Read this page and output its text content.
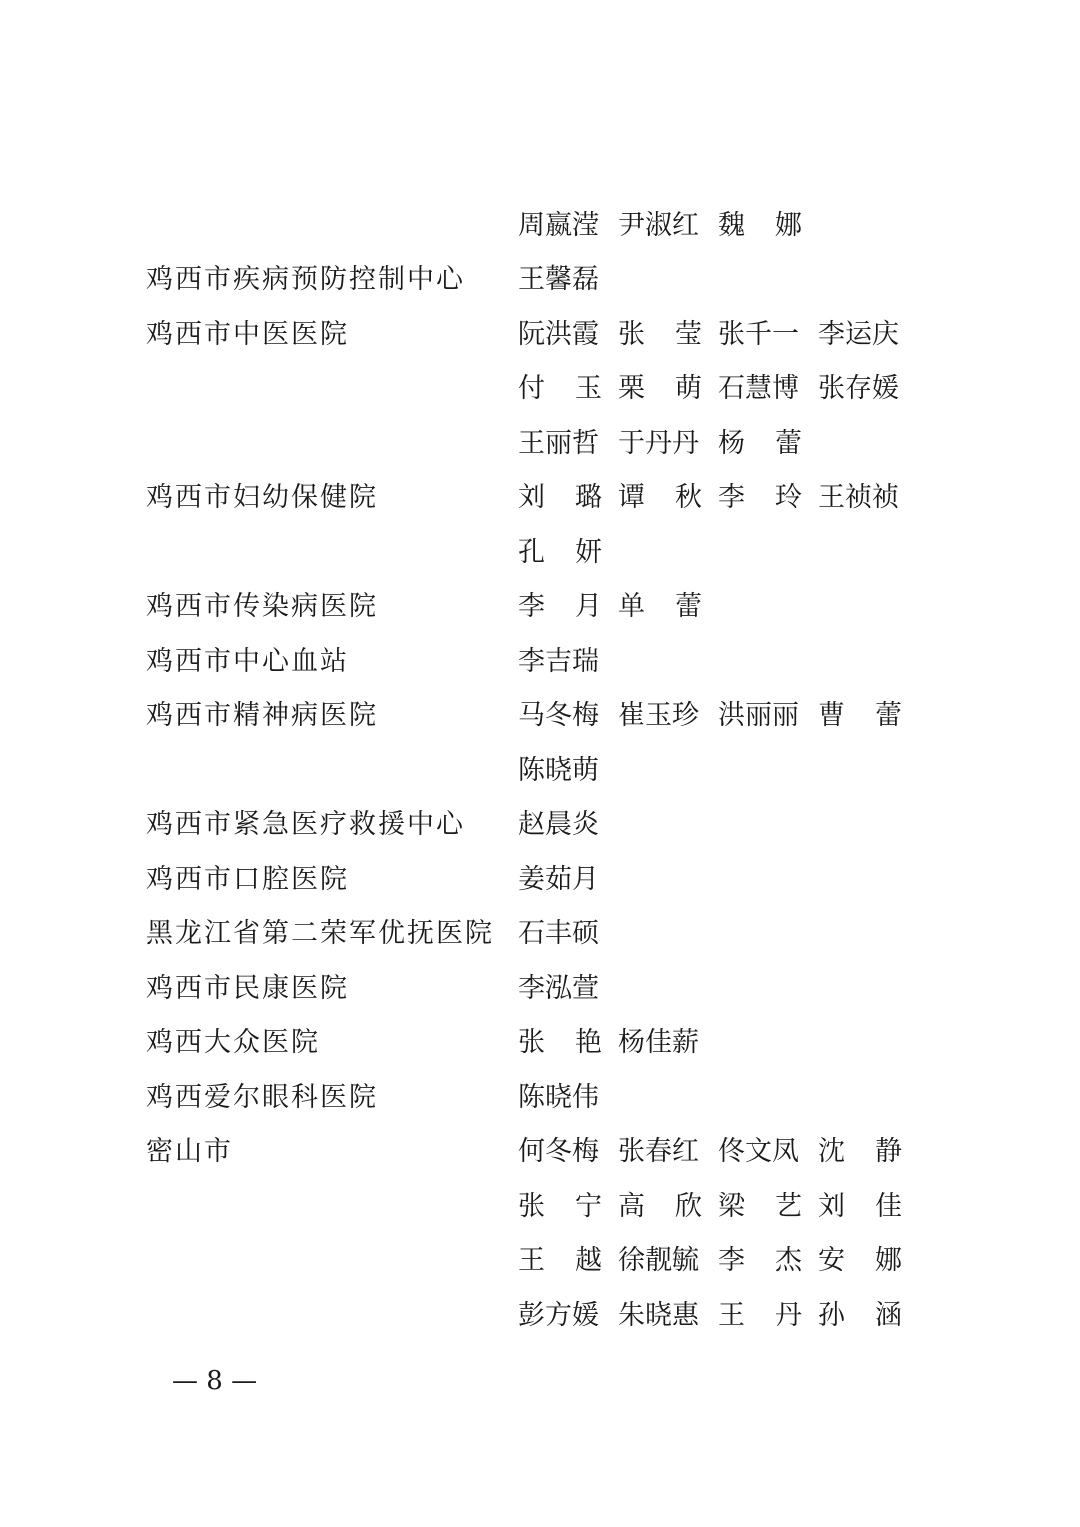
周嬴滢 尹淑红 魏 娜
鸡西市疾病预防控制中心	王馨磊
鸡西市中医医院	阮洪霞 张 莹 张千一 李运庆
付 玉 栗 萌 石慧博 张存媛
王丽哲 于丹丹 杨 蕾
鸡西市妇幼保健院	刘 璐 谭 秋 李 玲 王祯祯
孔 妍
鸡西市传染病医院	李 月 单 蕾
鸡西市中心血站	李吉瑞
鸡西市精神病医院	马冬梅 崔玉珍 洪丽丽 曹 蕾
陈晓萌
鸡西市紧急医疗救援中心	赵晨炎
鸡西市口腔医院	姜茹月
黑龙江省第二荣军优抚医院 石丰硕
鸡西市民康医院	李泓萱
鸡西大众医院	张 艳 杨佳薪
鸡西爱尔眼科医院	陈晓伟
密山市	何冬梅 张春红 佟文凤 沈 静
张 宁 高 欣 梁 艺 刘 佳
王 越 徐靓毓 李 杰 安 娜
彭方媛 朱晓惠 王 丹 孙 涵
— 8 —
